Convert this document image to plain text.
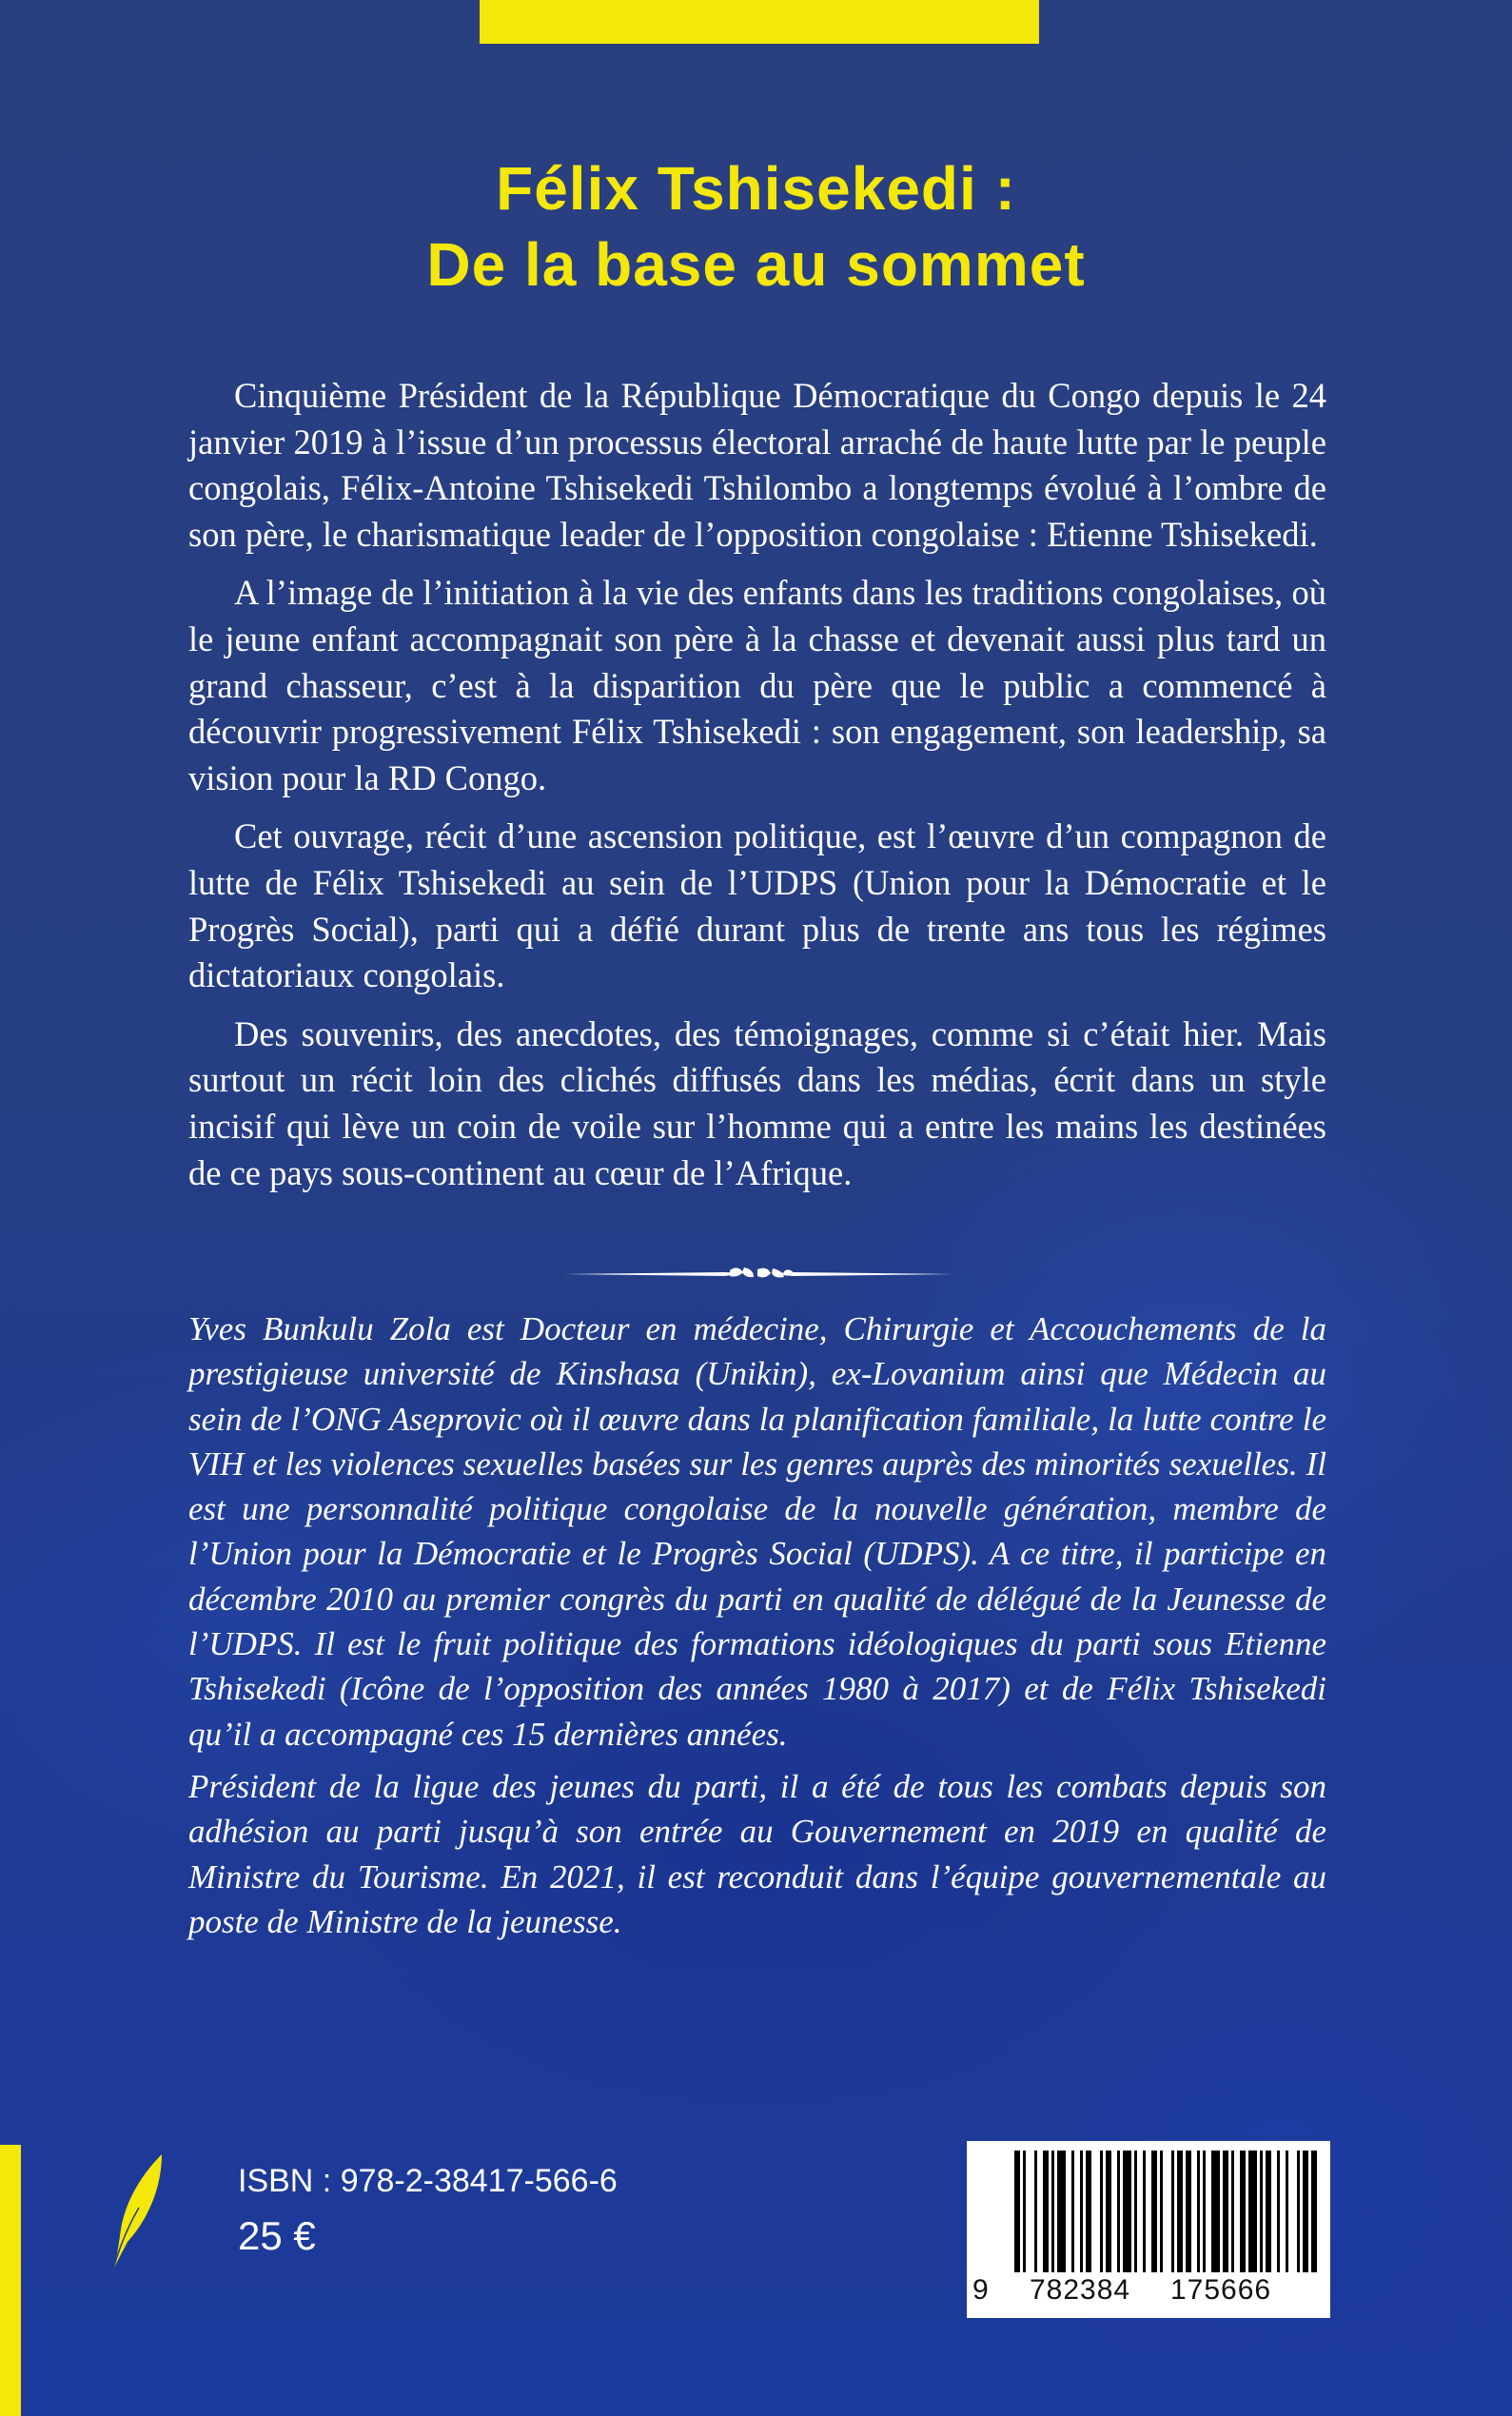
Félix Tshisekedi :
De la base au sommet

Cinquième Président de la République Démocratique du Congo depuis le 24 janvier 2019 à l’issue d’un processus électoral arraché de haute lutte par le peuple congolais, Félix-Antoine Tshisekedi Tshilombo a longtemps évolué à l’ombre de son père, le charismatique leader de l’opposition congolaise : Etienne Tshisekedi.

A l’image de l’initiation à la vie des enfants dans les traditions congolaises, où le jeune enfant accompagnait son père à la chasse et devenait aussi plus tard un grand chasseur, c’est à la disparition du père que le public a commencé à découvrir progressivement Félix Tshisekedi : son engagement, son leadership, sa vision pour la RD Congo.

Cet ouvrage, récit d’une ascension politique, est l’œuvre d’un compagnon de lutte de Félix Tshisekedi au sein de l’UDPS (Union pour la Démocratie et le Progrès Social), parti qui a défié durant plus de trente ans tous les régimes dictatoriaux congolais.

Des souvenirs, des anecdotes, des témoignages, comme si c’était hier. Mais surtout un récit loin des clichés diffusés dans les médias, écrit dans un style incisif qui lève un coin de voile sur l’homme qui a entre les mains les destinées de ce pays sous-continent au cœur de l’Afrique.

Yves Bunkulu Zola est Docteur en médecine, Chirurgie et Accouchements de la prestigieuse université de Kinshasa (Unikin), ex-Lovanium ainsi que Médecin au sein de l’ONG Aseprovic où il œuvre dans la planification familiale, la lutte contre le VIH et les violences sexuelles basées sur les genres auprès des minorités sexuelles. Il est une personnalité politique congolaise de la nouvelle génération, membre de l’Union pour la Démocratie et le Progrès Social (UDPS). A ce titre, il participe en décembre 2010 au premier congrès du parti en qualité de délégué de la Jeunesse de l’UDPS. Il est le fruit politique des formations idéologiques du parti sous Etienne Tshisekedi (Icône de l’opposition des années 1980 à 2017) et de Félix Tshisekedi qu’il a accompagné ces 15 dernières années.

Président de la ligue des jeunes du parti, il a été de tous les combats depuis son adhésion au parti jusqu’à son entrée au Gouvernement en 2019 en qualité de Ministre du Tourisme. En 2021, il est reconduit dans l’équipe gouvernementale au poste de Ministre de la jeunesse.

ISBN : 978-2-38417-566-6
25 €
9 782384 175666
